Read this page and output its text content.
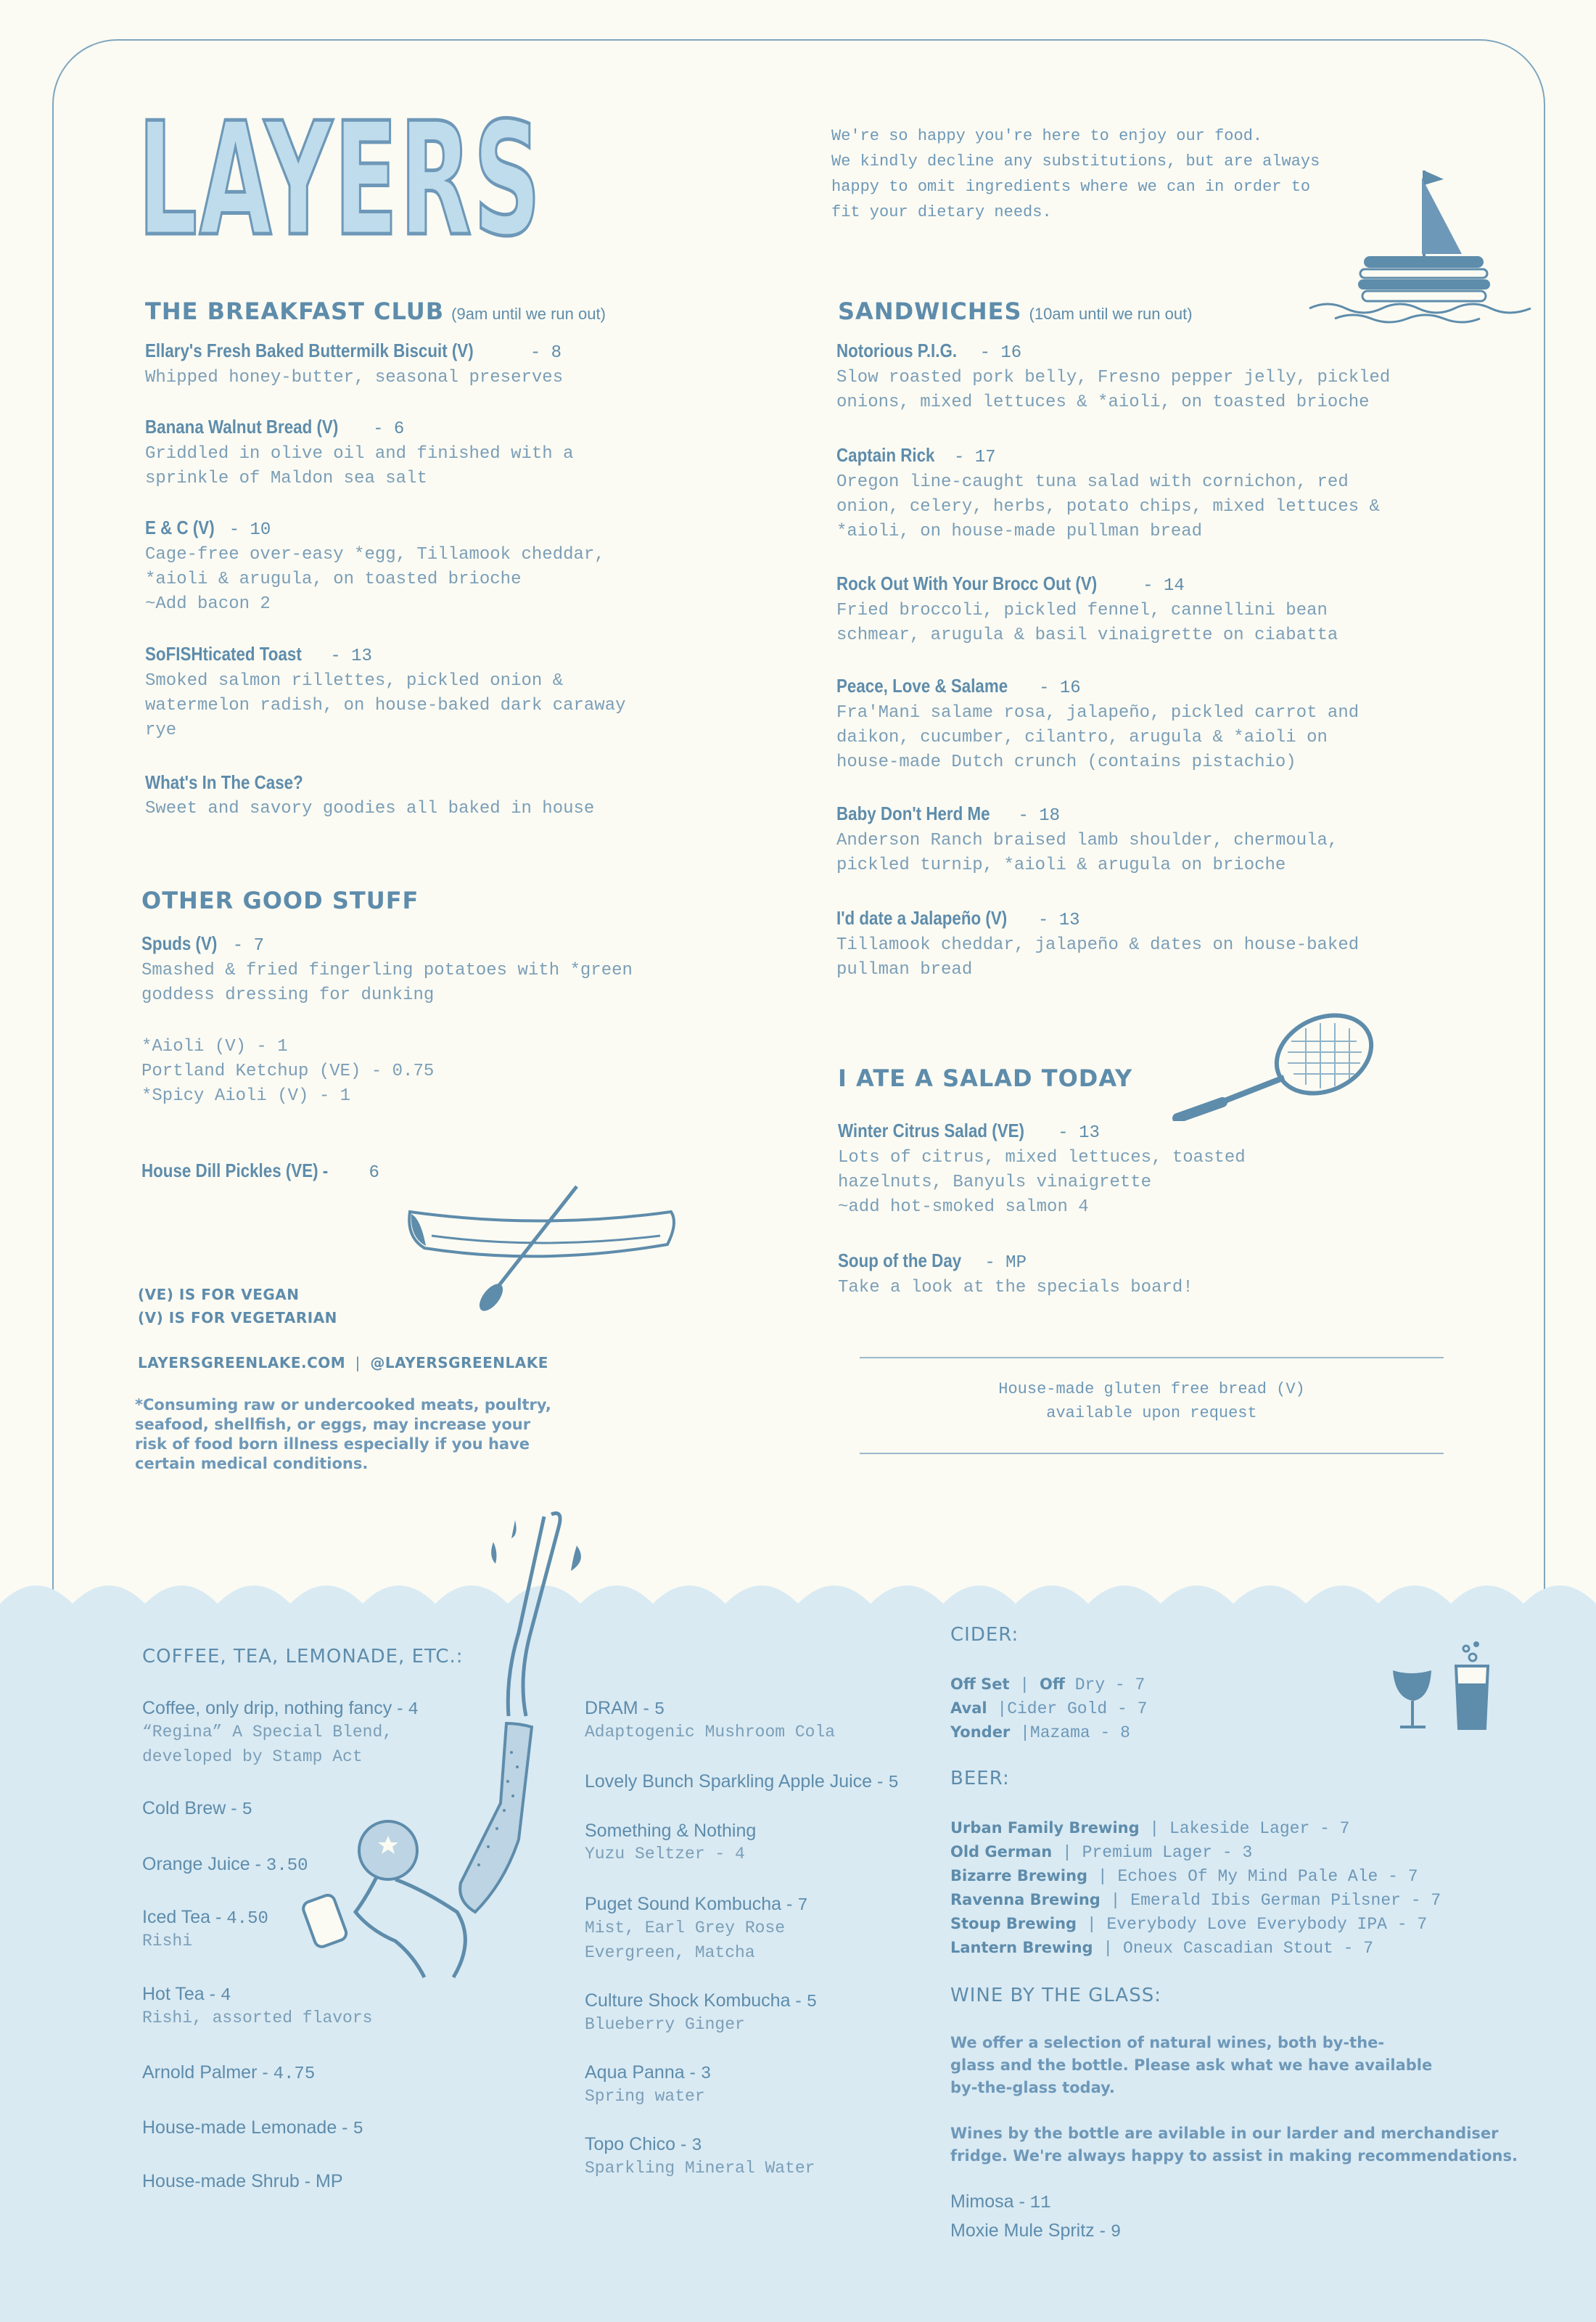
LAYERS	We're so happy you're here to enjoy our food.
We kindly decline any substitutions, but are always
happy to omit ingredients where we can in order to
fit your dietary needs.
THE BREAKFAST CLUB (9am until we run out)
Ellary's Fresh Baked Buttermilk Biscuit (V)	- 8
Whipped honey-butter, seasonal preserves
Banana Walnut Bread (V) - 6
Griddled in olive oil and finished with a
sprinkle of Maldon sea salt
E & C (V) - 10
Cage-free over-easy *egg, Tillamook cheddar,
*aioli & arugula, on toasted brioche
~Add bacon 2
SoFISHticated Toast - 13
Smoked salmon rillettes, pickled onion &
watermelon radish, on house-baked dark caraway
rye
What's In The Case?
Sweet and savory goodies all baked in house
OTHER GOOD STUFF
Spuds (V) - 7
Smashed & fried fingerling potatoes with *green
goddess dressing for dunking
*Aioli (V) - 1
Portland Ketchup (VE) - 0.75
*Spicy Aioli (V) - 1
House Dill Pickles (VE) - 6
(VE) IS FOR VEGAN
(V) IS FOR VEGETARIAN
LAYERSGREENLAKE.COM | @LAYERSGREENLAKE
*Consuming raw or undercooked meats, poultry,
seafood, shellfish, or eggs, may increase your
risk of food born illness especially if you have
certain medical conditions.
SANDWICHES (10am until we run out)
Notorious P.I.G. - 16
Slow roasted pork belly, Fresno pepper jelly, pickled
onions, mixed lettuces & *aioli, on toasted brioche
Captain Rick - 17
Oregon line-caught tuna salad with cornichon, red
onion, celery, herbs, potato chips, mixed lettuces &
*aioli, on house-made pullman bread
Rock Out With Your Brocc Out (V)	- 14
Fried broccoli, pickled fennel, cannellini bean
schmear, arugula & basil vinaigrette on ciabatta
Peace, Love & Salame - 16
Fra'Mani salame rosa, jalapeño, pickled carrot and
daikon, cucumber, cilantro, arugula & *aioli on
house-made Dutch crunch (contains pistachio)
Baby Don't Herd Me - 18
Anderson Ranch braised lamb shoulder, chermoula,
pickled turnip, *aioli & arugula on brioche
I'd date a Jalapeño (V) - 13
Tillamook cheddar, jalapeño & dates on house-baked
pullman bread
I ATE A SALAD TODAY
Winter Citrus Salad (VE) - 13
Lots of citrus, mixed lettuces, toasted
hazelnuts, Banyuls vinaigrette
~add hot-smoked salmon 4
Soup of the Day - MP
Take a look at the specials board!
House-made gluten free bread (V)
available upon request
COFFEE, TEA, LEMONADE, ETC.:
Coffee, only drip, nothing fancy - 4
“Regina” A Special Blend,
developed by Stamp Act
Cold Brew - 5
Orange Juice - 3.50
Iced Tea - 4.50
Rishi
Hot Tea - 4
Rishi, assorted flavors
Arnold Palmer - 4.75
House-made Lemonade - 5
House-made Shrub - MP
DRAM - 5
Adaptogenic Mushroom Cola
Lovely Bunch Sparkling Apple Juice - 5
Something & Nothing
Yuzu Seltzer - 4
Puget Sound Kombucha - 7
Mist, Earl Grey Rose
Evergreen, Matcha
Culture Shock Kombucha - 5
Blueberry Ginger
Aqua Panna - 3
Spring water
Topo Chico - 3
Sparkling Mineral Water
CIDER:
Off Set | Off Dry - 7
Aval |Cider Gold - 7
Yonder |Mazama - 8
BEER:
Urban Family Brewing | Lakeside Lager - 7
Old German | Premium Lager - 3
Bizarre Brewing | Echoes Of My Mind Pale Ale - 7
Ravenna Brewing | Emerald Ibis German Pilsner - 7
Stoup Brewing | Everybody Love Everybody IPA - 7
Lantern Brewing | Oneux Cascadian Stout - 7
WINE BY THE GLASS:
We offer a selection of natural wines, both by-the-
glass and the bottle. Please ask what we have available
by-the-glass today.
Wines by the bottle are avilable in our larder and merchandiser
fridge. We're always happy to assist in making recommendations.
Mimosa - 11
Moxie Mule Spritz - 9
